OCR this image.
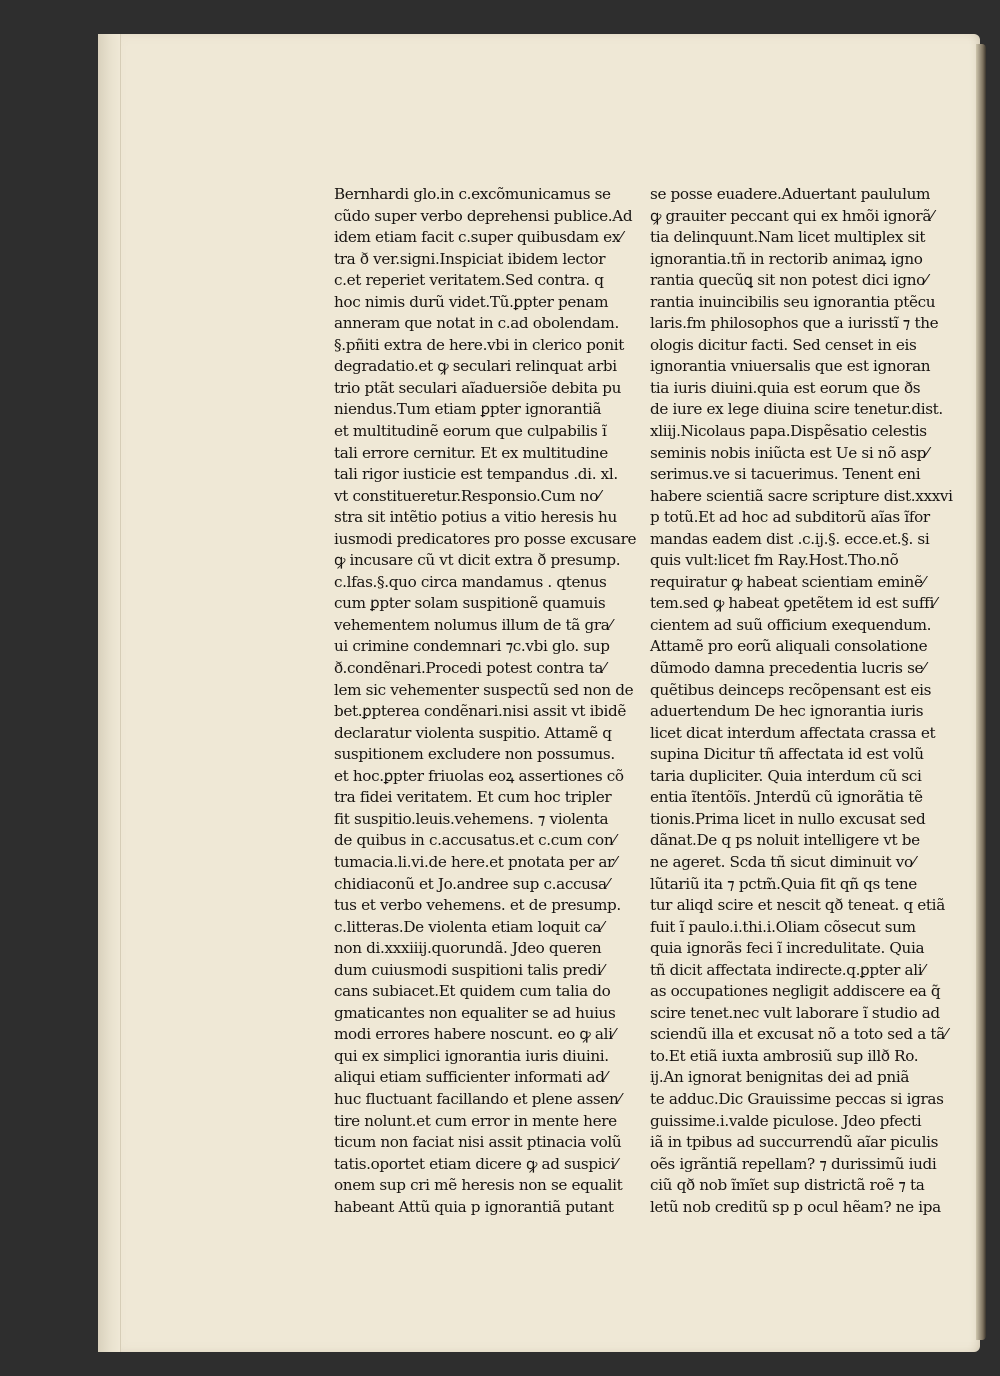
Bernhardi glo.in c.excõmunicamus se
cũdo super verbo deprehensi publice.Ad
idem etiam facit c.super quibusdam ex⁄
tra ð ver.signi.Inspiciat ibidem lector
c.et reperiet veritatem.Sed contra. q
hoc nimis durũ videt.Tũ.ꝑpter penam
anneram que notat in c.ad obolendam.
§.pñiti extra de here.vbi in clerico ponit
degradatio.et ꝙ seculari relinquat arbi
trio ptãt seculari aĩaduersiõe debita pu
niendus.Tum etiam ꝑpter ignorantiã
et multitudinẽ eorum que culpabilis ĩ
tali errore cernitur. Et ex multitudine
tali rigor iusticie est tempandus .di. xl.
vt constitueretur.Responsio.Cum no⁄
stra sit intẽtio potius a vitio heresis hu
iusmodi predicatores pro posse excusare
ꝙ incusare cũ vt dicit extra ð presump.
c.lfas.§.quo circa mandamus . qtenus
cum ꝑpter solam suspitionẽ quamuis
vehementem nolumus illum de tã gra⁄
ui crimine condemnari ⁊c.vbi glo. sup
ð.condẽnari.Procedi potest contra ta⁄
lem sic vehementer suspectũ sed non de
bet.ꝑpterea condẽnari.nisi assit vt ibidẽ
declaratur violenta suspitio. Attamẽ q
suspitionem excludere non possumus.
et hoc.ꝑpter friuolas eoꝝ assertiones cõ
tra fidei veritatem. Et cum hoc tripler
fit suspitio.leuis.vehemens. ⁊ violenta
de quibus in c.accusatus.et c.cum con⁄
tumacia.li.vi.de here.et pnotata per ar⁄
chidiaconũ et Jo.andree sup c.accusa⁄
tus et verbo vehemens. et de presump.
c.litteras.De violenta etiam loquit ca⁄
non di.xxxiiij.quorundã. Jdeo queren
dum cuiusmodi suspitioni talis predi⁄
cans subiacet.Et quidem cum talia do
gmaticantes non equaliter se ad huius
modi errores habere noscunt. eo ꝙ ali⁄
qui ex simplici ignorantia iuris diuini.
aliqui etiam sufficienter informati ad⁄
huc fluctuant facillando et plene assen⁄
tire nolunt.et cum error in mente here
ticum non faciat nisi assit ptinacia volũ
tatis.oportet etiam dicere ꝙ ad suspici⁄
onem sup cri mẽ heresis non se equalit
habeant Attũ quia p ignorantiã putant
se posse euadere.Aduertant paululum
ꝙ grauiter peccant qui ex hmõi ignorã⁄
tia delinquunt.Nam licet multiplex sit
ignorantia.tñ in rectorib animaꝝ igno
rantia quecũꝗ sit non potest dici igno⁄
rantia inuincibilis seu ignorantia ptẽcu
laris.fm philosophos que a iurisstĩ ⁊ the
ologis dicitur facti. Sed censet in eis
ignorantia vniuersalis que est ignoran
tia iuris diuini.quia est eorum que ðs
de iure ex lege diuina scire tenetur.dist.
xliij.Nicolaus papa.Dispẽsatio celestis
seminis nobis iniũcta est Ue si nõ asp⁄
serimus.ve si tacuerimus. Tenent eni
habere scientiã sacre scripture dist.xxxvi
p totũ.Et ad hoc ad subditorũ aĩas ĩfor
mandas eadem dist .c.ij.§. ecce.et.§. si
quis vult:licet fm Ray.Host.Tho.nõ
requiratur ꝙ habeat scientiam eminẽ⁄
tem.sed ꝙ habeat ꝯpetẽtem id est suffi⁄
cientem ad suũ officium exequendum.
Attamẽ pro eorũ aliquali consolatione
dũmodo damna precedentia lucris se⁄
quẽtibus deinceps recõpensant est eis
aduertendum De hec ignorantia iuris
licet dicat interdum affectata crassa et
supina Dicitur tñ affectata id est volũ
taria dupliciter. Quia interdum cũ sci
entia ĩtentõĩs. Jnterdũ cũ ignorãtia tẽ
tionis.Prima licet in nullo excusat sed
dãnat.De q ps noluit intelligere vt be
ne ageret. Scda tñ sicut diminuit vo⁄
lũtariũ ita ⁊ pctm̃.Quia fit qñ qs tene
tur aliqd scire et nescit qð teneat. q etiã
fuit ĩ paulo.i.thi.i.Oliam cõsecut sum
quia ignorãs feci ĩ incredulitate. Quia
tñ dicit affectata indirecte.q.ꝑpter ali⁄
as occupationes negligit addiscere ea q̃
scire tenet.nec vult laborare ĩ studio ad
sciendũ illa et excusat nõ a toto sed a tã⁄
to.Et etiã iuxta ambrosiũ sup illð Ro.
ij.An ignorat benignitas dei ad pniã
te adduc.Dic Grauissime peccas si igras
guissime.i.valde piculose. Jdeo pfecti
iã in tpibus ad succurrendũ aĩar piculis
oẽs igrãntiã repellam? ⁊ durissimũ iudi
ciũ qð nob ĩmĩet sup districtã roẽ ⁊ ta
letũ nob creditũ sp p ocul hẽam? ne ipa
